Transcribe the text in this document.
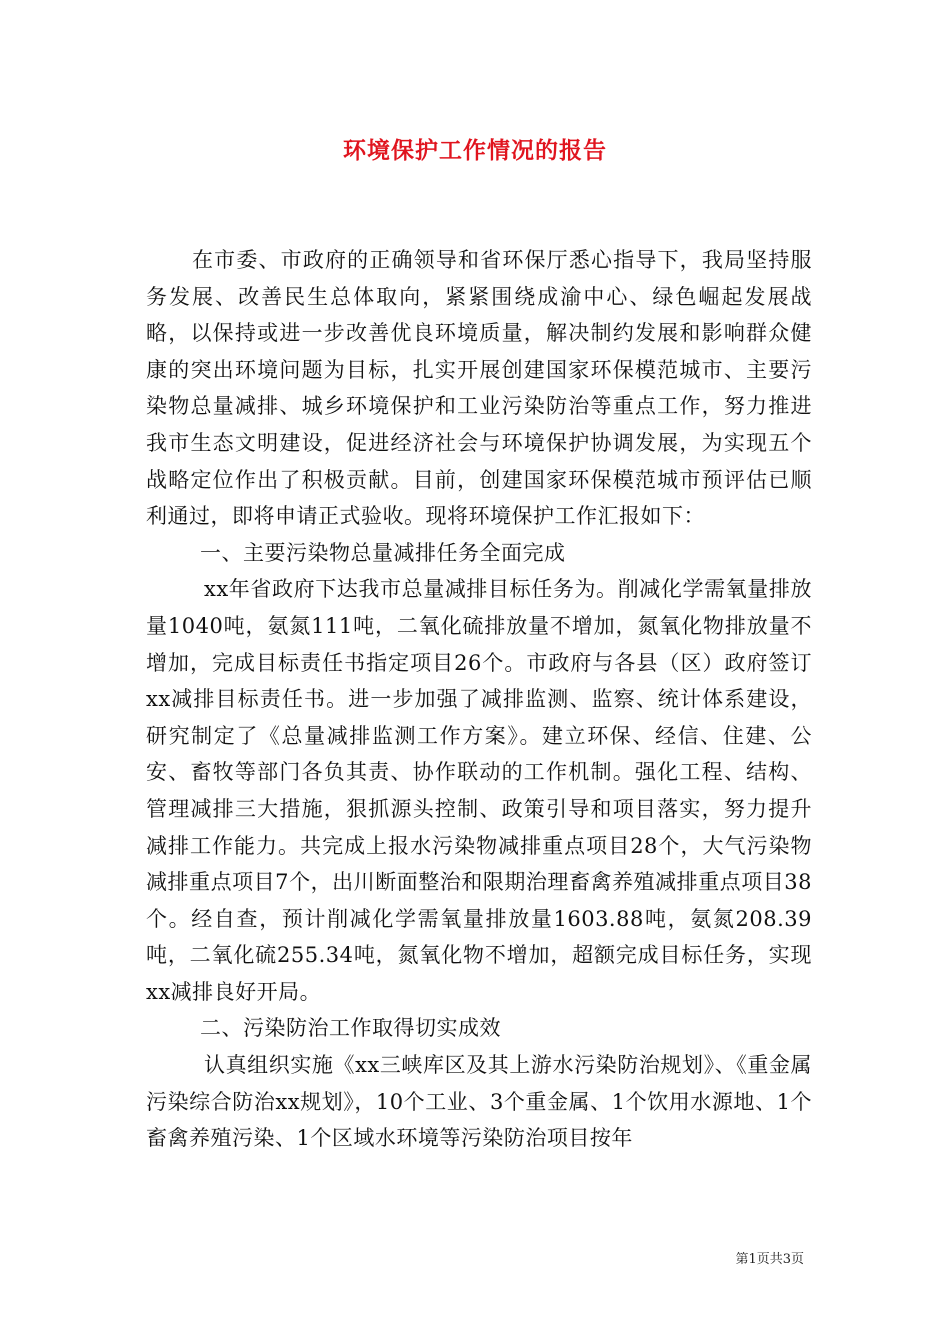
环境保护工作情况的报告

在市委、市政府的正确领导和省环保厅悉心指导下，我局坚持服务发展、改善民生总体取向，紧紧围绕成渝中心、绿色崛起发展战略，以保持或进一步改善优良环境质量，解决制约发展和影响群众健康的突出环境问题为目标，扎实开展创建国家环保模范城市、主要污染物总量减排、城乡环境保护和工业污染防治等重点工作，努力推进我市生态文明建设，促进经济社会与环境保护协调发展，为实现五个战略定位作出了积极贡献。目前，创建国家环保模范城市预评估已顺利通过，即将申请正式验收。现将环境保护工作汇报如下：

一、主要污染物总量减排任务全面完成

xx年省政府下达我市总量减排目标任务为。削减化学需氧量排放量1040吨，氨氮111吨，二氧化硫排放量不增加，氮氧化物排放量不增加，完成目标责任书指定项目26个。市政府与各县（区）政府签订xx减排目标责任书。进一步加强了减排监测、监察、统计体系建设，研究制定了《总量减排监测工作方案》。建立环保、经信、住建、公安、畜牧等部门各负其责、协作联动的工作机制。强化工程、结构、管理减排三大措施，狠抓源头控制、政策引导和项目落实，努力提升减排工作能力。共完成上报水污染物减排重点项目28个，大气污染物减排重点项目7个，出川断面整治和限期治理畜禽养殖减排重点项目38个。经自查，预计削减化学需氧量排放量1603.88吨，氨氮208.39吨，二氧化硫255.34吨，氮氧化物不增加，超额完成目标任务，实现xx减排良好开局。

二、污染防治工作取得切实成效

认真组织实施《xx三峡库区及其上游水污染防治规划》、《重金属污染综合防治xx规划》，10个工业、3个重金属、1个饮用水源地、1个畜禽养殖污染、1个区域水环境等污染防治项目按年

第1页共3页
